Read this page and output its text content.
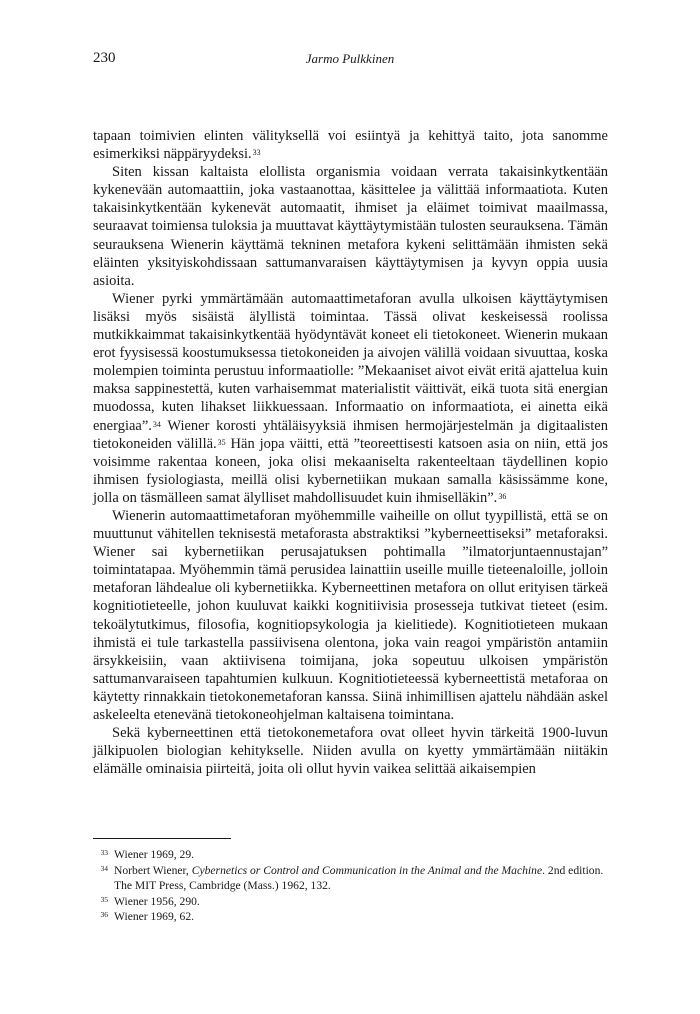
230	Jarmo Pulkkinen

tapaan toimivien elinten välityksellä voi esiintyä ja kehittyä taito, jota sanomme esimerkiksi näppäryydeksi.$^{33}$

Siten kissan kaltaista elollista organismia voidaan verrata takaisinkytkentään kykenevään automaattiin, joka vastaanottaa, käsittelee ja välittää informaatiota. Kuten takaisinkytkentään kykenevät automaatit, ihmiset ja eläimet toimivat maailmassa, seuraavat toimiensa tuloksia ja muuttavat käyttäytymistään tulosten seurauksena. Tämän seurauksena Wienerin käyttämä tekninen metafora kykeni selittämään ihmisten sekä eläinten yksityiskohdissaan sattumanvaraisen käyttäytymisen ja kyvyn oppia uusia asioita.

Wiener pyrki ymmärtämään automaattimetaforan avulla ulkoisen käyttäytymisen lisäksi myös sisäistä älyllistä toimintaa. Tässä olivat keskeisessä roolissa mutkikkaimmat takaisinkytkentää hyödyntävät koneet eli tietokoneet. Wienerin mukaan erot fyysisessä koostumuksessa tietokoneiden ja aivojen välillä voidaan sivuuttaa, koska molempien toiminta perustuu informaatiolle: ”Mekaaniset aivot eivät eritä ajattelua kuin maksa sappinestettä, kuten varhaisemmat materialistit väittivät, eikä tuota sitä energian muodossa, kuten lihakset liikkuessaan. Informaatio on informaatiota, ei ainetta eikä energiaa”.$^{34}$ Wiener korosti yhtäläisyyksiä ihmisen hermojärjestelmän ja digitaalisten tietokoneiden välillä.$^{35}$ Hän jopa väitti, että ”teoreettisesti katsoen asia on niin, että jos voisimme rakentaa koneen, joka olisi mekaaniselta rakenteeltaan täydellinen kopio ihmisen fysiologiasta, meillä olisi kybernetiikan mukaan samalla käsissämme kone, jolla on täsmälleen samat älylliset mahdollisuudet kuin ihmiselläkin”.$^{36}$

Wienerin automaattimetaforan myöhemmille vaiheille on ollut tyypillistä, että se on muuttunut vähitellen teknisestä metaforasta abstraktiksi ”kyberneettiseksi” metaforaksi. Wiener sai kybernetiikan perusajatuksen pohtimalla ”ilmatorjuntaennustajan” toimintatapaa. Myöhemmin tämä perusidea lainattiin useille muille tieteenaloille, jolloin metaforan lähdealue oli kybernetiikka. Kyberneettinen metafora on ollut erityisen tärkeä kognitiotieteelle, johon kuuluvat kaikki kognitiivisia prosesseja tutkivat tieteet (esim. tekoälytutkimus, filosofia, kognitiopsykologia ja kielitiede). Kognitiotieteen mukaan ihmistä ei tule tarkastella passiivisena olentona, joka vain reagoi ympäristön antamiin ärsykkeisiin, vaan aktiivisena toimijana, joka sopeutuu ulkoisen ympäristön sattumanvaraiseen tapahtumien kulkuun. Kognitiotieteessä kyberneettistä metaforaa on käytetty rinnakkain tietokonemetaforan kanssa. Siinä inhimillisen ajattelu nähdään askel askeleelta etenevänä tietokoneohjelman kaltaisena toimintana.

Sekä kyberneettinen että tietokonemetafora ovat olleet hyvin tärkeitä 1900-luvun jälkipuolen biologian kehitykselle. Niiden avulla on kyetty ymmärtämään niitäkin elämälle ominaisia piirteitä, joita oli ollut hyvin vaikea selittää aikaisempien

33 Wiener 1969, 29.
34 Norbert Wiener, Cybernetics or Control and Communication in the Animal and the Machine. 2nd edition. The MIT Press, Cambridge (Mass.) 1962, 132.
35 Wiener 1956, 290.
36 Wiener 1969, 62.
